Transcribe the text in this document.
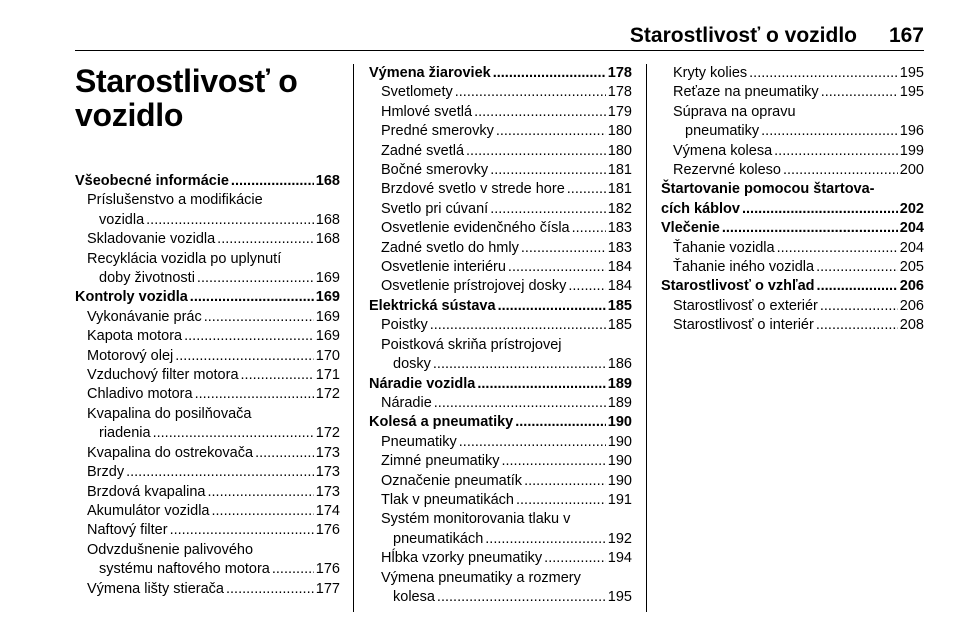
Starostlivosť o vozidlo 167
Starostlivosť o
vozidlo
Všeobecné informácie .....	168
Príslušenstvo a modifikácie
vozidla .....	168
Skladovanie vozidla .....	168
Recyklácia vozidla po uplynutí
doby životnosti .....	169
Kontroly vozidla .....	169
Vykonávanie prác .....	169
Kapota motora .....	169
Motorový olej .....	170
Vzduchový filter motora .....	171
Chladivo motora .....	172
Kvapalina do posilňovača
riadenia .....	172
Kvapalina do ostrekovača .....	173
Brzdy .....	173
Brzdová kvapalina .....	173
Akumulátor vozidla .....	174
Naftový filter .....	176
Odvzdušnenie palivového
systému naftového motora .....	176
Výmena lišty stierača .....	177
Výmena žiaroviek .....	178
Svetlomety .....	178
Hmlové svetlá .....	179
Predné smerovky .....	180
Zadné svetlá .....	180
Bočné smerovky .....	181
Brzdové svetlo v strede hore .....	181
Svetlo pri cúvaní .....	182
Osvetlenie evidenčného čísla .....	183
Zadné svetlo do hmly .....	183
Osvetlenie interiéru .....	184
Osvetlenie prístrojovej dosky .....	184
Elektrická sústava .....	185
Poistky .....	185
Poistková skriňa prístrojovej
dosky .....	186
Náradie vozidla .....	189
Náradie .....	189
Kolesá a pneumatiky .....	190
Pneumatiky .....	190
Zimné pneumatiky .....	190
Označenie pneumatík .....	190
Tlak v pneumatikách .....	191
Systém monitorovania tlaku v
pneumatikách .....	192
Hĺbka vzorky pneumatiky .....	194
Výmena pneumatiky a rozmery
kolesa .....	195
Kryty kolies .....	195
Reťaze na pneumatiky .....	195
Súprava na opravu
pneumatiky .....	196
Výmena kolesa .....	199
Rezervné koleso .....	200
Štartovanie pomocou štartova-
cích káblov .....	202
Vlečenie .....	204
Ťahanie vozidla .....	204
Ťahanie iného vozidla .....	205
Starostlivosť o vzhľad .....	206
Starostlivosť o exteriér .....	206
Starostlivosť o interiér .....	208
